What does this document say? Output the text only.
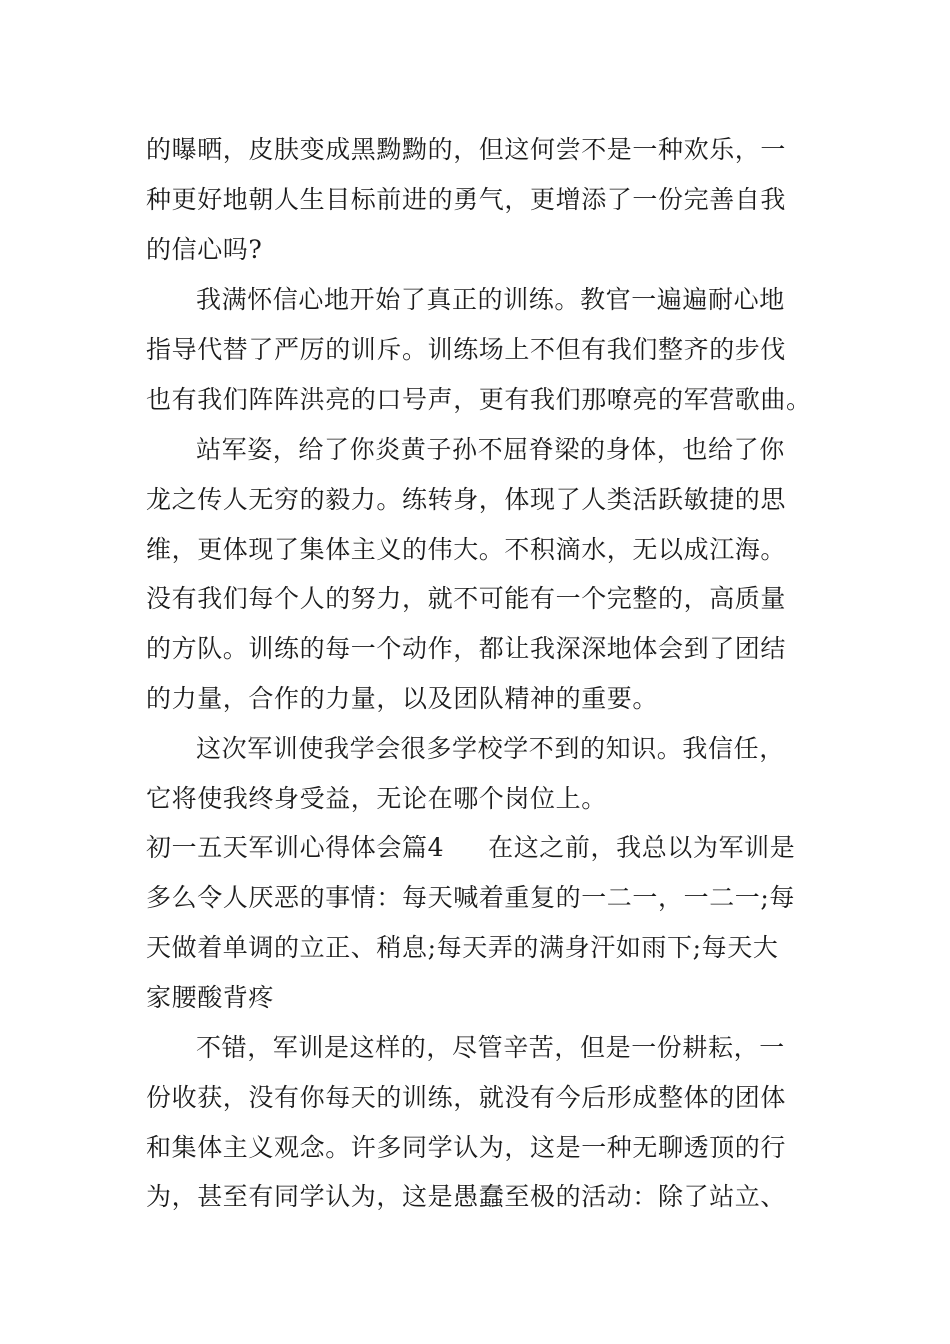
的曝晒，皮肤变成黑黝黝的，但这何尝不是一种欢乐，一
种更好地朝人生目标前进的勇气，更增添了一份完善自我
的信心吗?
我满怀信心地开始了真正的训练。教官一遍遍耐心地
指导代替了严厉的训斥。训练场上不但有我们整齐的步伐
也有我们阵阵洪亮的口号声，更有我们那嘹亮的军营歌曲。
站军姿，给了你炎黄子孙不屈脊梁的身体，也给了你
龙之传人无穷的毅力。练转身，体现了人类活跃敏捷的思
维，更体现了集体主义的伟大。不积滴水，无以成江海。
没有我们每个人的努力，就不可能有一个完整的，高质量
的方队。训练的每一个动作，都让我深深地体会到了团结
的力量，合作的力量，以及团队精神的重要。
这次军训使我学会很多学校学不到的知识。我信任，
它将使我终身受益，无论在哪个岗位上。
初一五天军训心得体会篇4 在这之前，我总以为军训是
多么令人厌恶的事情：每天喊着重复的一二一，一二一;每
天做着单调的立正、稍息;每天弄的满身汗如雨下;每天大
家腰酸背疼
不错，军训是这样的，尽管辛苦，但是一份耕耘，一
份收获，没有你每天的训练，就没有今后形成整体的团体
和集体主义观念。许多同学认为，这是一种无聊透顶的行
为，甚至有同学认为，这是愚蠢至极的活动：除了站立、
